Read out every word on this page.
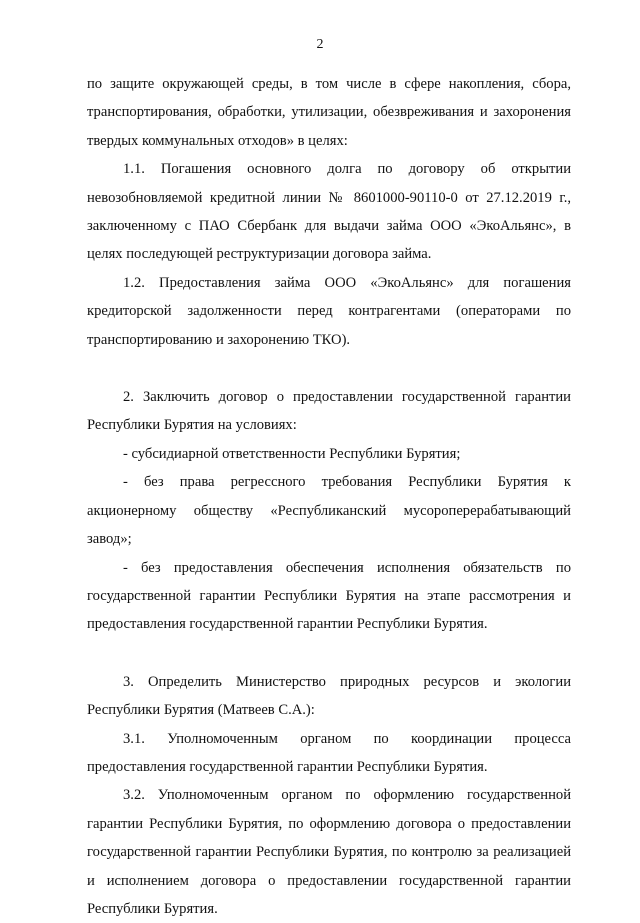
2

по защите окружающей среды, в том числе в сфере накопления, сбора, транспортирования, обработки, утилизации, обезвреживания и захоронения твердых коммунальных отходов» в целях:

1.1. Погашения основного долга по договору об открытии невозобновляемой кредитной линии № 8601000-90110-0 от 27.12.2019 г., заключенному с ПАО Сбербанк для выдачи займа ООО «ЭкоАльянс», в целях последующей реструктуризации договора займа.

1.2. Предоставления займа ООО «ЭкоАльянс» для погашения кредиторской задолженности перед контрагентами (операторами по транспортированию и захоронению ТКО).

2. Заключить договор о предоставлении государственной гарантии Республики Бурятия на условиях:

- субсидиарной ответственности Республики Бурятия;

- без права регрессного требования Республики Бурятия к акционерному обществу «Республиканский мусороперерабатывающий завод»;

- без предоставления обеспечения исполнения обязательств по государственной гарантии Республики Бурятия на этапе рассмотрения и предоставления государственной гарантии Республики Бурятия.

3. Определить Министерство природных ресурсов и экологии Республики Бурятия (Матвеев С.А.):

3.1. Уполномоченным органом по координации процесса предоставления государственной гарантии Республики Бурятия.

3.2. Уполномоченным органом по оформлению государственной гарантии Республики Бурятия, по оформлению договора о предоставлении государственной гарантии Республики Бурятия, по контролю за реализацией и исполнением договора о предоставлении государственной гарантии Республики Бурятия.
